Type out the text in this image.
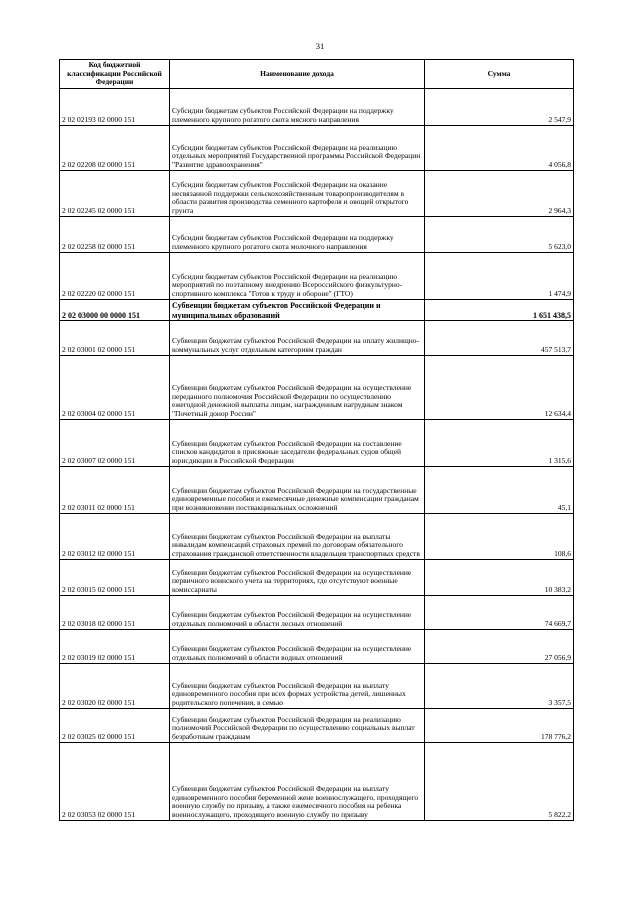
31
Код бюджетной классификации Российской Федерации	Наименование дохода	Сумма
2 02 02193 02 0000 151	Субсидии бюджетам субъектов Российской Федерации на поддержку племенного крупного рогатого скота мясного направления	2 547,9
2 02 02208 02 0000 151	Субсидии бюджетам субъектов Российской Федерации на реализацию отдельных мероприятий Государственной программы Российской Федерации "Развитие здравоохранения"	4 056,8
2 02 02245 02 0000 151	Субсидии бюджетам субъектов Российской Федерации на оказание несвязанной поддержки сельскохозяйственным товаропроизводителям в области развития производства семенного картофеля и овощей открытого грунта	2 964,3
2 02 02258 02 0000 151	Субсидии бюджетам субъектов Российской Федерации на поддержку племенного крупного рогатого скота молочного направления	5 623,0
2 02 02220 02 0000 151	Субсидии бюджетам субъектов Российской Федерации на реализацию мероприятий по поэтапному внедрению Всероссийского физкультурно-спортивного комплекса "Готов к труду и обороне" (ГТО)	1 474,9
2 02 03000 00 0000 151	Субвенции бюджетам субъектов Российской Федерации и муниципальных образований	1 651 438,5
2 02 03001 02 0000 151	Субвенции бюджетам субъектов Российской Федерации на оплату жилищно-коммунальных услуг отдельным категориям граждан	457 513,7
2 02 03004 02 0000 151	Субвенции бюджетам субъектов Российской Федерации на осуществление переданного полномочия Российской Федерации по осуществлению ежегодной денежной выплаты лицам, награжденным нагрудным знаком "Почетный донор России"	12 634,4
2 02 03007 02 0000 151	Субвенции бюджетам субъектов Российской Федерации на составление списков кандидатов в присяжные заседатели федеральных судов общей юрисдикции в Российской Федерации	1 315,6
2 02 03011 02 0000 151	Субвенции бюджетам субъектов Российской Федерации на государственные единовременные пособия и ежемесячные денежные компенсации гражданам при возникновении поствакцинальных осложнений	45,1
2 02 03012 02 0000 151	Субвенции бюджетам субъектов Российской Федерации на выплаты инвалидам компенсаций страховых премий по договорам обязательного страхования гражданской ответственности владельцев транспортных средств	108,6
2 02 03015 02 0000 151	Субвенции бюджетам субъектов Российской Федерации на осуществление первичного воинского учета на территориях, где отсутствуют военные комиссариаты	10 383,2
2 02 03018 02 0000 151	Субвенции бюджетам субъектов Российской Федерации на осуществление отдельных полномочий в области лесных отношений	74 669,7
2 02 03019 02 0000 151	Субвенции бюджетам субъектов Российской Федерации на осуществление отдельных полномочий в области водных отношений	27 056,9
2 02 03020 02 0000 151	Субвенции бюджетам субъектов Российской Федерации на выплату единовременного пособия при всех формах устройства детей, лишенных родительского попечения, в семью	3 357,5
2 02 03025 02 0000 151	Субвенции бюджетам субъектов Российской Федерации на реализацию полномочий Российской Федерации по осуществлению социальных выплат безработным гражданам	178 776,2
2 02 03053 02 0000 151	Субвенции бюджетам субъектов Российской Федерации на выплату единовременного пособия беременной жене военнослужащего, проходящего военную службу по призыву, а также ежемесячного пособия на ребенка военнослужащего, проходящего военную службу по призыву	5 822,2
